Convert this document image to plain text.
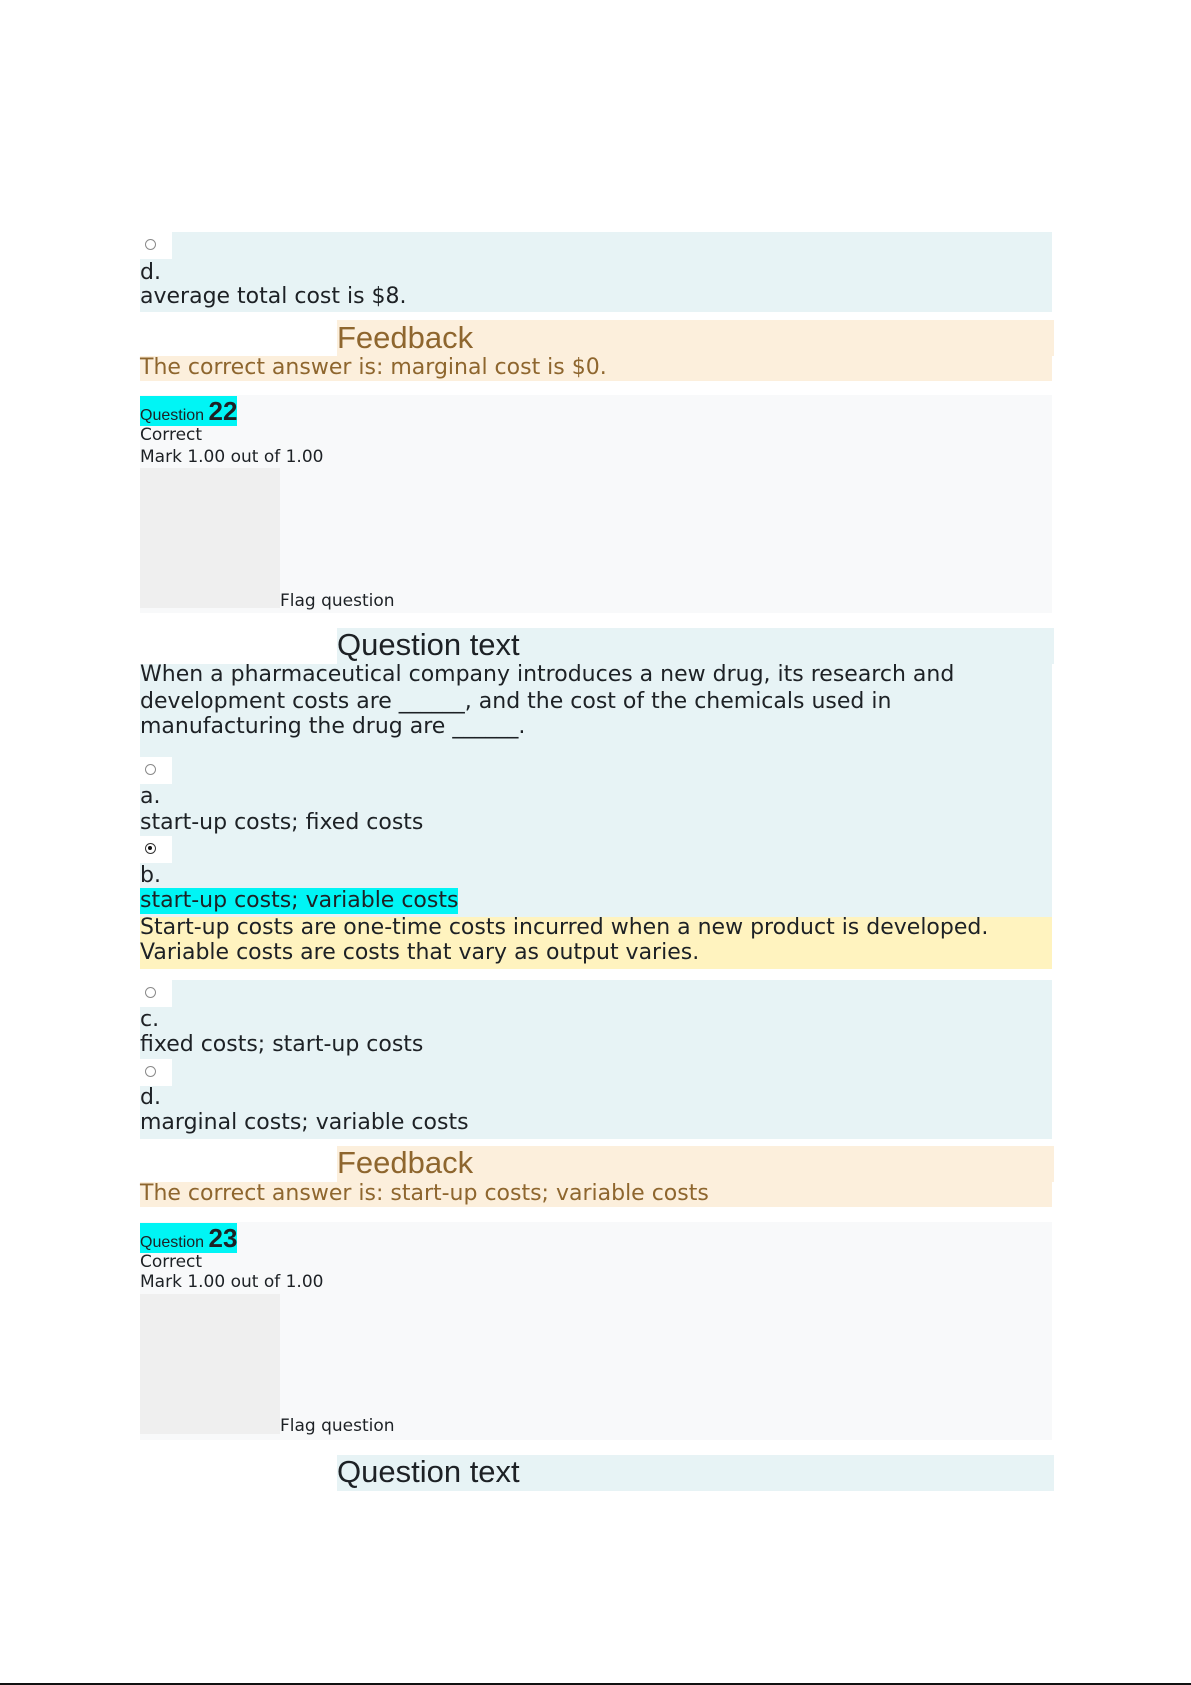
d.
average total cost is $8.
Feedback
The correct answer is: marginal cost is $0.
Question 22
Correct
Mark 1.00 out of 1.00
Flag question
Question text
When a pharmaceutical company introduces a new drug, its research and
development costs are ______, and the cost of the chemicals used in
manufacturing the drug are ______.
a.
start-up costs; fixed costs
b.
start-up costs; variable costs
Start-up costs are one-time costs incurred when a new product is developed.
Variable costs are costs that vary as output varies.
c.
fixed costs; start-up costs
d.
marginal costs; variable costs
Feedback
The correct answer is: start-up costs; variable costs
Question 23
Correct
Mark 1.00 out of 1.00
Flag question
Question text
